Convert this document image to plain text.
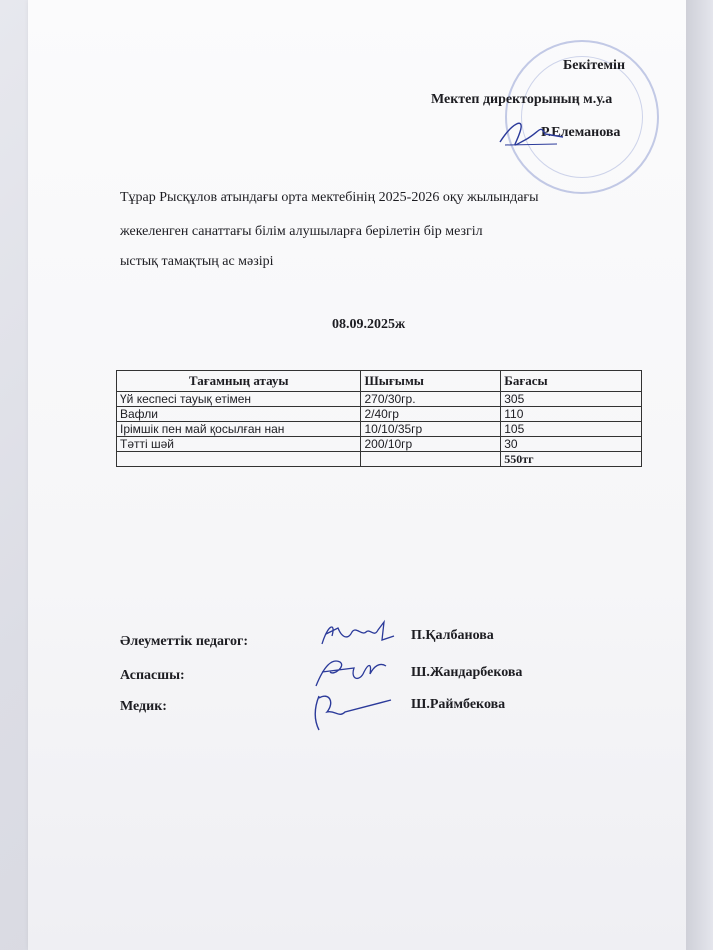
Бекітемін
Мектеп директорының м.у.а
Р.Елеманова
Тұрар Рысқұлов атындағы орта мектебінің 2025-2026 оқу жылындағы
жекеленген санаттағы білім алушыларға берілетін бір мезгіл
ыстық тамақтың ас мәзірі
08.09.2025ж
Тағамның атауы	Шығымы	Бағасы
Үй кеспесі тауық етімен	270/30гр.	305
Вафли	2/40гр	110
Ірімшік пен май қосылған нан	10/10/35гр	105
Тәтті шәй	200/10гр	30
		550тг
Әлеуметтік педагог:	П.Қалбанова
Аспасшы:	Ш.Жандарбекова
Медик:	Ш.Раймбекова
